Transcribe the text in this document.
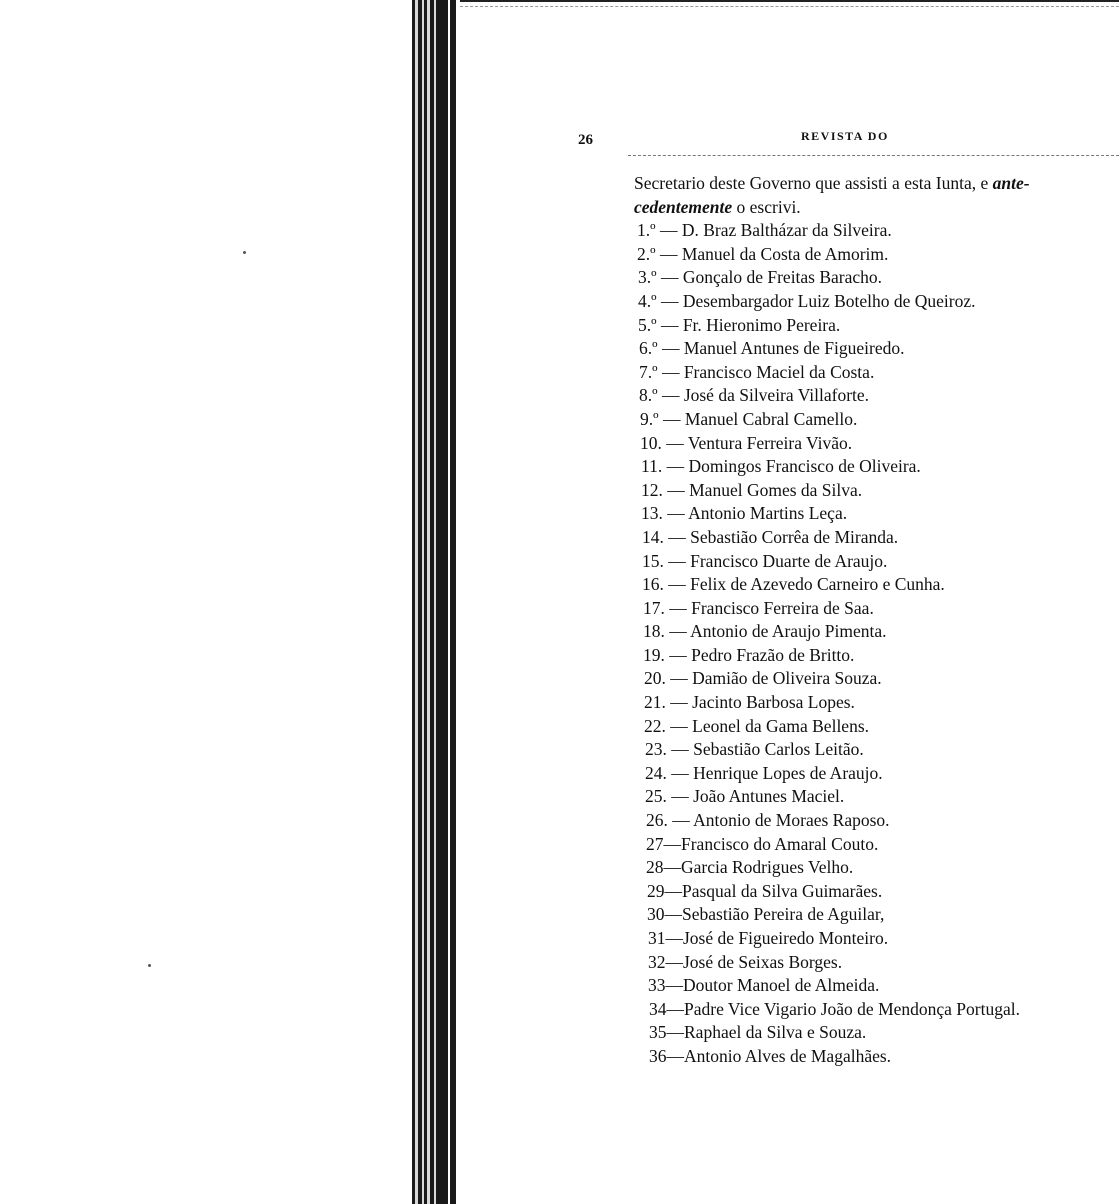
26	REVISTA DO

Secretario deste Governo que assisti a esta Iunta, e ante-
cedentemente o escrivi.

1.º — D. Braz Baltházar da Silveira.
2.º — Manuel da Costa de Amorim.
3.º — Gonçalo de Freitas Baracho.
4.º — Desembargador Luiz Botelho de Queiroz.
5.º — Fr. Hieronimo Pereira.
6.º — Manuel Antunes de Figueiredo.
7.º — Francisco Maciel da Costa.
8.º — José da Silveira Villaforte.
9.º — Manuel Cabral Camello.
10. — Ventura Ferreira Vivão.
11. — Domingos Francisco de Oliveira.
12. — Manuel Gomes da Silva.
13. — Antonio Martins Leça.
14. — Sebastião Corrêa de Miranda.
15. — Francisco Duarte de Araujo.
16. — Felix de Azevedo Carneiro e Cunha.
17. — Francisco Ferreira de Saa.
18. — Antonio de Araujo Pimenta.
19. — Pedro Frazão de Britto.
20. — Damião de Oliveira Souza.
21. — Jacinto Barbosa Lopes.
22. — Leonel da Gama Bellens.
23. — Sebastião Carlos Leitão.
24. — Henrique Lopes de Araujo.
25. — João Antunes Maciel.
26. — Antonio de Moraes Raposo.
27—Francisco do Amaral Couto.
28—Garcia Rodrigues Velho.
29—Pasqual da Silva Guimarães.
30—Sebastião Pereira de Aguilar,
31—José de Figueiredo Monteiro.
32—José de Seixas Borges.
33—Doutor Manoel de Almeida.
34—Padre Vice Vigario João de Mendonça Portugal.
35—Raphael da Silva e Souza.
36—Antonio Alves de Magalhães.
